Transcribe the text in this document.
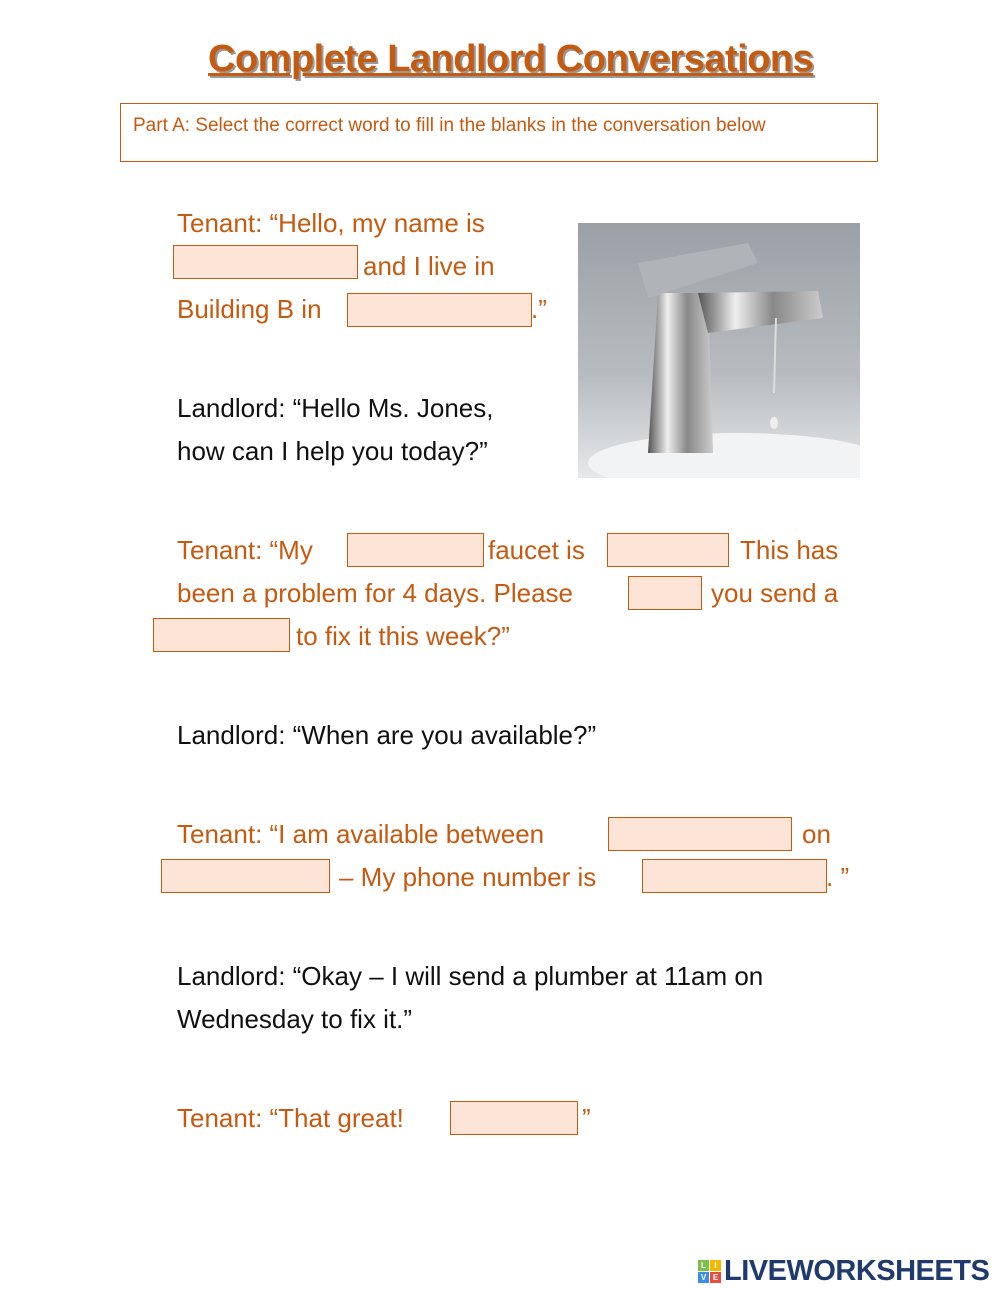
Complete Landlord Conversations
Part A: Select the correct word to fill in the blanks in the conversation below
Tenant: “Hello, my name is
and I live in
Building B in	.”
Landlord: “Hello Ms. Jones,
how can I help you today?”
Tenant: “My	faucet is	This has
been a problem for 4 days. Please	you send a
to fix it this week?”
Landlord: “When are you available?”
Tenant: “I am available between	on
– My phone number is	. ”
Landlord: “Okay – I will send a plumber at 11am on
Wednesday to fix it.”
Tenant: “That great!	”
L	I
V E LIVEWORKSHEETS
